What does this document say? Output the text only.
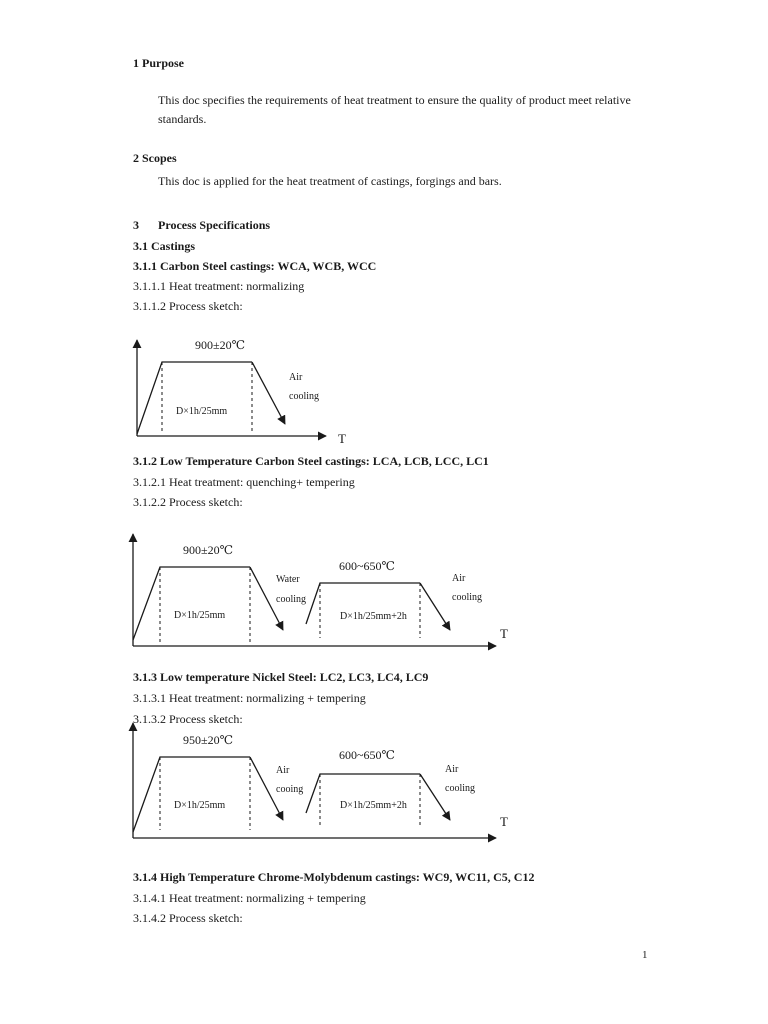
1 Purpose
This doc specifies the requirements of heat treatment to ensure the quality of product meet relative
standards.
2 Scopes
This doc is applied for the heat treatment of castings, forgings and bars.
3 Process Specifications
3.1 Castings
3.1.1 Carbon Steel castings: WCA, WCB, WCC
3.1.1.1 Heat treatment: normalizing
3.1.1.2 Process sketch:
3.1.2 Low Temperature Carbon Steel castings: LCA, LCB, LCC, LC1
3.1.2.1 Heat treatment: quenching+ tempering
3.1.2.2 Process sketch:
3.1.3 Low temperature Nickel Steel: LC2, LC3, LC4, LC9
3.1.3.1 Heat treatment: normalizing + tempering
3.1.3.2 Process sketch:
3.1.4 High Temperature Chrome-Molybdenum castings: WC9, WC11, C5, C12
3.1.4.1 Heat treatment: normalizing + tempering
3.1.4.2 Process sketch:
1
900±20℃
Air
cooling
D×1h/25mm
T
900±20℃
Water
cooling
D×1h/25mm
600~650℃
Air
cooling
D×1h/25mm+2h
T
950±20℃
Air
cooing
D×1h/25mm
600~650℃
Air
cooling
D×1h/25mm+2h
T
